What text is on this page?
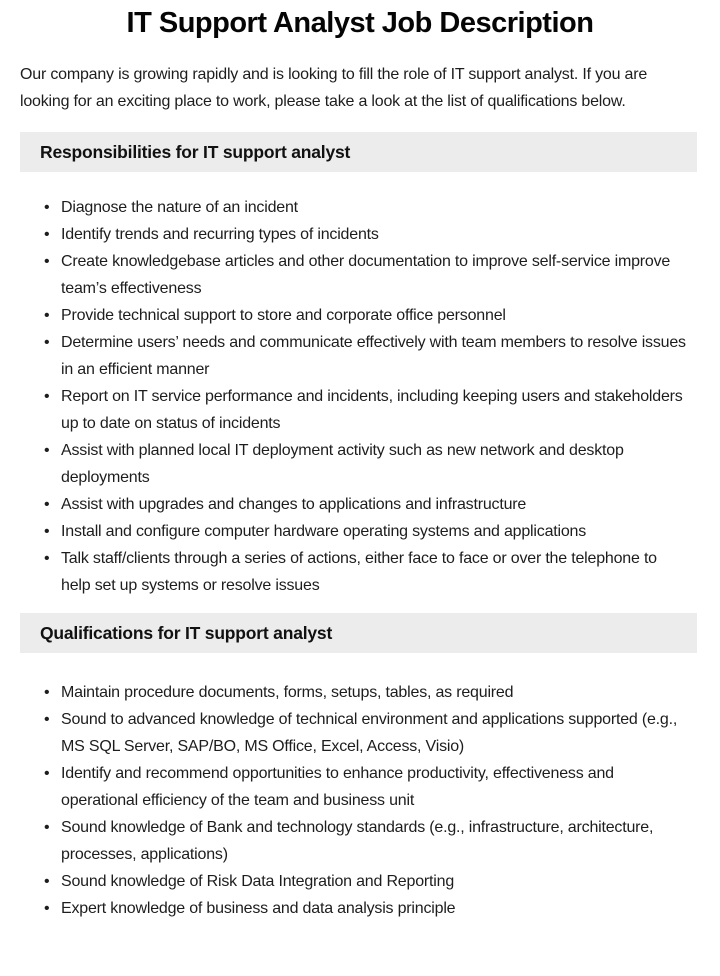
IT Support Analyst Job Description

Our company is growing rapidly and is looking to fill the role of IT support analyst. If you are looking for an exciting place to work, please take a look at the list of qualifications below.

Responsibilities for IT support analyst
• Diagnose the nature of an incident
• Identify trends and recurring types of incidents
• Create knowledgebase articles and other documentation to improve self-service improve team’s effectiveness
• Provide technical support to store and corporate office personnel
• Determine users’ needs and communicate effectively with team members to resolve issues in an efficient manner
• Report on IT service performance and incidents, including keeping users and stakeholders up to date on status of incidents
• Assist with planned local IT deployment activity such as new network and desktop deployments
• Assist with upgrades and changes to applications and infrastructure
• Install and configure computer hardware operating systems and applications
• Talk staff/clients through a series of actions, either face to face or over the telephone to help set up systems or resolve issues
Qualifications for IT support analyst
• Maintain procedure documents, forms, setups, tables, as required
• Sound to advanced knowledge of technical environment and applications supported (e.g., MS SQL Server, SAP/BO, MS Office, Excel, Access, Visio)
• Identify and recommend opportunities to enhance productivity, effectiveness and operational efficiency of the team and business unit
• Sound knowledge of Bank and technology standards (e.g., infrastructure, architecture, processes, applications)
• Sound knowledge of Risk Data Integration and Reporting
• Expert knowledge of business and data analysis principle
